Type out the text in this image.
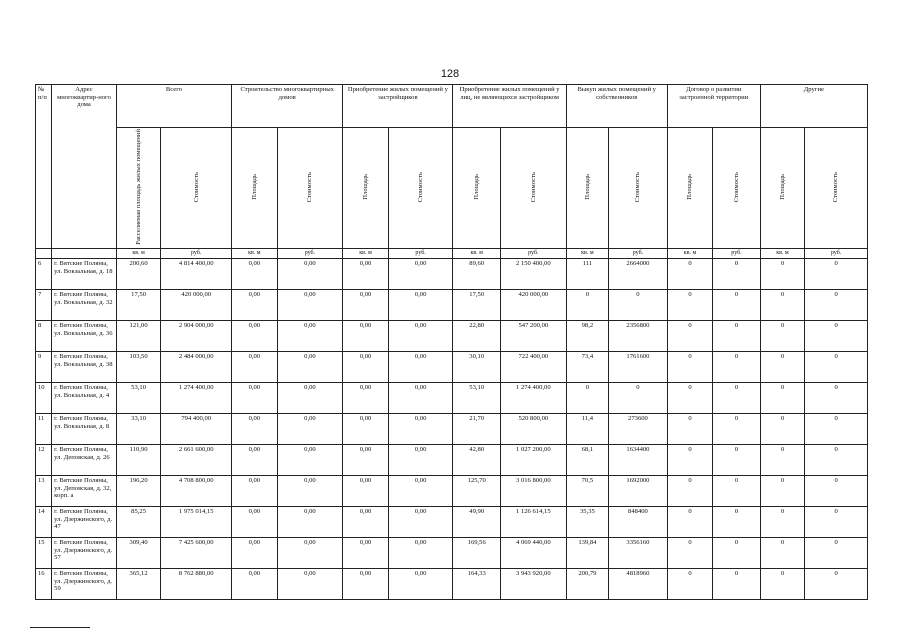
128
№ п/п	Адрес многоквартир-ного дома	Всего		Строительство многоквартирных домов		Приобретение жилых помещений у застройщиков		Приобретение жилых помещений у лиц, не являющихся застройщиком		Выкуп жилых помещений у собственников		Договор о развитии застроенной территории		Другие	
		Расселяемая площадь жилых помещений	Стоимость	Площадь	Стоимость	Площадь	Стоимость	Площадь	Стоимость	Площадь	Стоимость	Площадь	Стоимость	Площадь	Стоимость
		кв. м	руб.	кв. м	руб.	кв. м	руб.	кв. м	руб.	кв. м	руб.	кв. м	руб.	кв. м	руб.
6	г. Вятские Поляны, ул. Вокзальная, д. 18	200,60	4 814 400,00	0,00	0,00	0,00	0,00	89,60	2 150 400,00	111	2664000	0	0	0	0
7	г. Вятские Поляны, ул. Вокзальная, д. 32	17,50	420 000,00	0,00	0,00	0,00	0,00	17,50	420 000,00	0	0	0	0	0	0
8	г. Вятские Поляны, ул. Вокзальная, д. 36	121,00	2 904 000,00	0,00	0,00	0,00	0,00	22,80	547 200,00	98,2	2356800	0	0	0	0
9	г. Вятские Поляны, ул. Вокзальная, д. 38	103,50	2 484 000,00	0,00	0,00	0,00	0,00	30,10	722 400,00	73,4	1761600	0	0	0	0
10	г. Вятские Поляны, ул. Вокзальная, д. 4	53,10	1 274 400,00	0,00	0,00	0,00	0,00	53,10	1 274 400,00	0	0	0	0	0	0
11	г. Вятские Поляны, ул. Вокзальная, д. 8	33,10	794 400,00	0,00	0,00	0,00	0,00	21,70	520 800,00	11,4	273600	0	0	0	0
12	г. Вятские Поляны, ул. Деповская, д. 26	110,90	2 661 600,00	0,00	0,00	0,00	0,00	42,80	1 027 200,00	68,1	1634400	0	0	0	0
13	г. Вятские Поляны, ул. Деповская, д. 32, корп. а	196,20	4 708 800,00	0,00	0,00	0,00	0,00	125,70	3 016 800,00	70,5	1692000	0	0	0	0
14	г. Вятские Поляны, ул. Дзержинского, д. 47	85,25	1 975 014,15	0,00	0,00	0,00	0,00	49,90	1 126 614,15	35,35	848400	0	0	0	0
15	г. Вятские Поляны, ул. Дзержинского, д. 57	309,40	7 425 600,00	0,00	0,00	0,00	0,00	169,56	4 069 440,00	139,84	3356160	0	0	0	0
16	г. Вятские Поляны, ул. Дзержинского, д. 59	365,12	8 762 880,00	0,00	0,00	0,00	0,00	164,33	3 943 920,00	200,79	4818960	0	0	0	0
